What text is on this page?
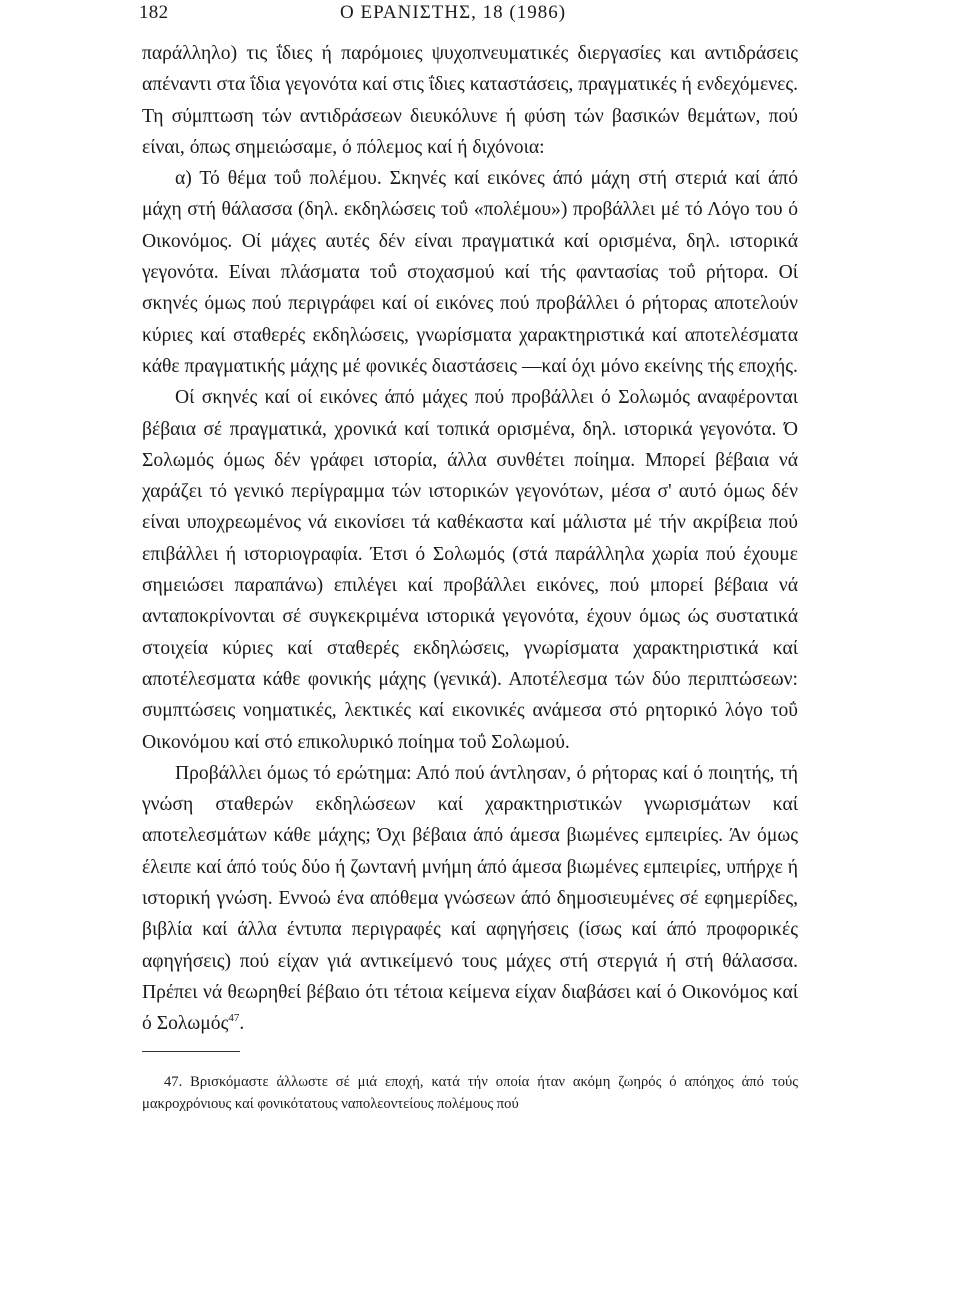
182	Ο ΕΡΑΝΙΣΤΗΣ, 18 (1986)

παράλληλο) τις ΐδιες ή παρόμοιες ψυχοπνευματικές διεργασίες και αντιδράσεις απέναντι στα ΐδια γεγονότα καί στις ΐδιες καταστάσεις, πραγματικές ή ενδεχόμενες. Τη σύμπτωση τών αντιδράσεων διευκόλυνε ή φύση τών βασικών θεμάτων, πού είναι, όπως σημειώσαμε, ό πόλεμος καί ή διχόνοια:

α) Τό θέμα τοΰ πολέμου. Σκηνές καί εικόνες άπό μάχη στή στεριά καί άπό μάχη στή θάλασσα (δηλ. εκδηλώσεις τοΰ «πολέμου») προβάλλει μέ τό Λόγο του ό Οικονόμος. Οί μάχες αυτές δέν είναι πραγματικά καί ορισμένα, δηλ. ιστορικά γεγονότα. Είναι πλάσματα τοΰ στοχασμού καί τής φαντασίας τοΰ ρήτορα. Οί σκηνές όμως πού περιγράφει καί οί εικόνες πού προβάλλει ό ρήτορας αποτελούν κύριες καί σταθερές εκδηλώσεις, γνωρίσματα χαρακτηριστικά καί αποτελέσματα κάθε πραγματικής μάχης μέ φονικές διαστάσεις —καί όχι μόνο εκείνης τής εποχής.

Οί σκηνές καί οί εικόνες άπό μάχες πού προβάλλει ό Σολωμός αναφέρονται βέβαια σέ πραγματικά, χρονικά καί τοπικά ορισμένα, δηλ. ιστορικά γεγονότα. Ό Σολωμός όμως δέν γράφει ιστορία, άλλα συνθέτει ποίημα. Μπορεί βέβαια νά χαράζει τό γενικό περίγραμμα τών ιστορικών γεγονότων, μέσα σ' αυτό όμως δέν είναι υποχρεωμένος νά εικονίσει τά καθέκαστα καί μάλιστα μέ τήν ακρίβεια πού επιβάλλει ή ιστοριογραφία. Έτσι ό Σολωμός (στά παράλληλα χωρία πού έχουμε σημειώσει παραπάνω) επιλέγει καί προβάλλει εικόνες, πού μπορεί βέβαια νά ανταποκρίνονται σέ συγκεκριμένα ιστορικά γεγονότα, έχουν όμως ώς συστατικά στοιχεία κύριες καί σταθερές εκδηλώσεις, γνωρίσματα χαρακτηριστικά καί αποτέλεσματα κάθε φονικής μάχης (γενικά). Αποτέλεσμα τών δύο περιπτώσεων: συμπτώσεις νοηματικές, λεκτικές καί εικονικές ανάμεσα στό ρητορικό λόγο τοΰ Οικονόμου καί στό επικολυρικό ποίημα τοΰ Σολωμού.

Προβάλλει όμως τό ερώτημα: Από πού άντλησαν, ό ρήτορας καί ό ποιητής, τή γνώση σταθερών εκδηλώσεων καί χαρακτηριστικών γνωρισμάτων καί αποτελεσμάτων κάθε μάχης; Όχι βέβαια άπό άμεσα βιωμένες εμπειρίες. Άν όμως έλειπε καί άπό τούς δύο ή ζωντανή μνήμη άπό άμεσα βιωμένες εμπειρίες, υπήρχε ή ιστορική γνώση. Εννοώ ένα απόθεμα γνώσεων άπό δημοσιευμένες σέ εφημερίδες, βιβλία καί άλλα έντυπα περιγραφές καί αφηγήσεις (ίσως καί άπό προφορικές αφηγήσεις) πού είχαν γιά αντικείμενό τους μάχες στή στεργιά ή στή θάλασσα. Πρέπει νά θεωρηθεί βέβαιο ότι τέτοια κείμενα είχαν διαβάσει καί ό Οικονόμος καί ό Σολωμός$^{47}$.

47. Βρισκόμαστε άλλωστε σέ μιά εποχή, κατά τήν οποία ήταν ακόμη ζωηρός ό απόηχος άπό τούς μακροχρόνιους καί φονικότατους ναπολεοντείους πολέμους πού
